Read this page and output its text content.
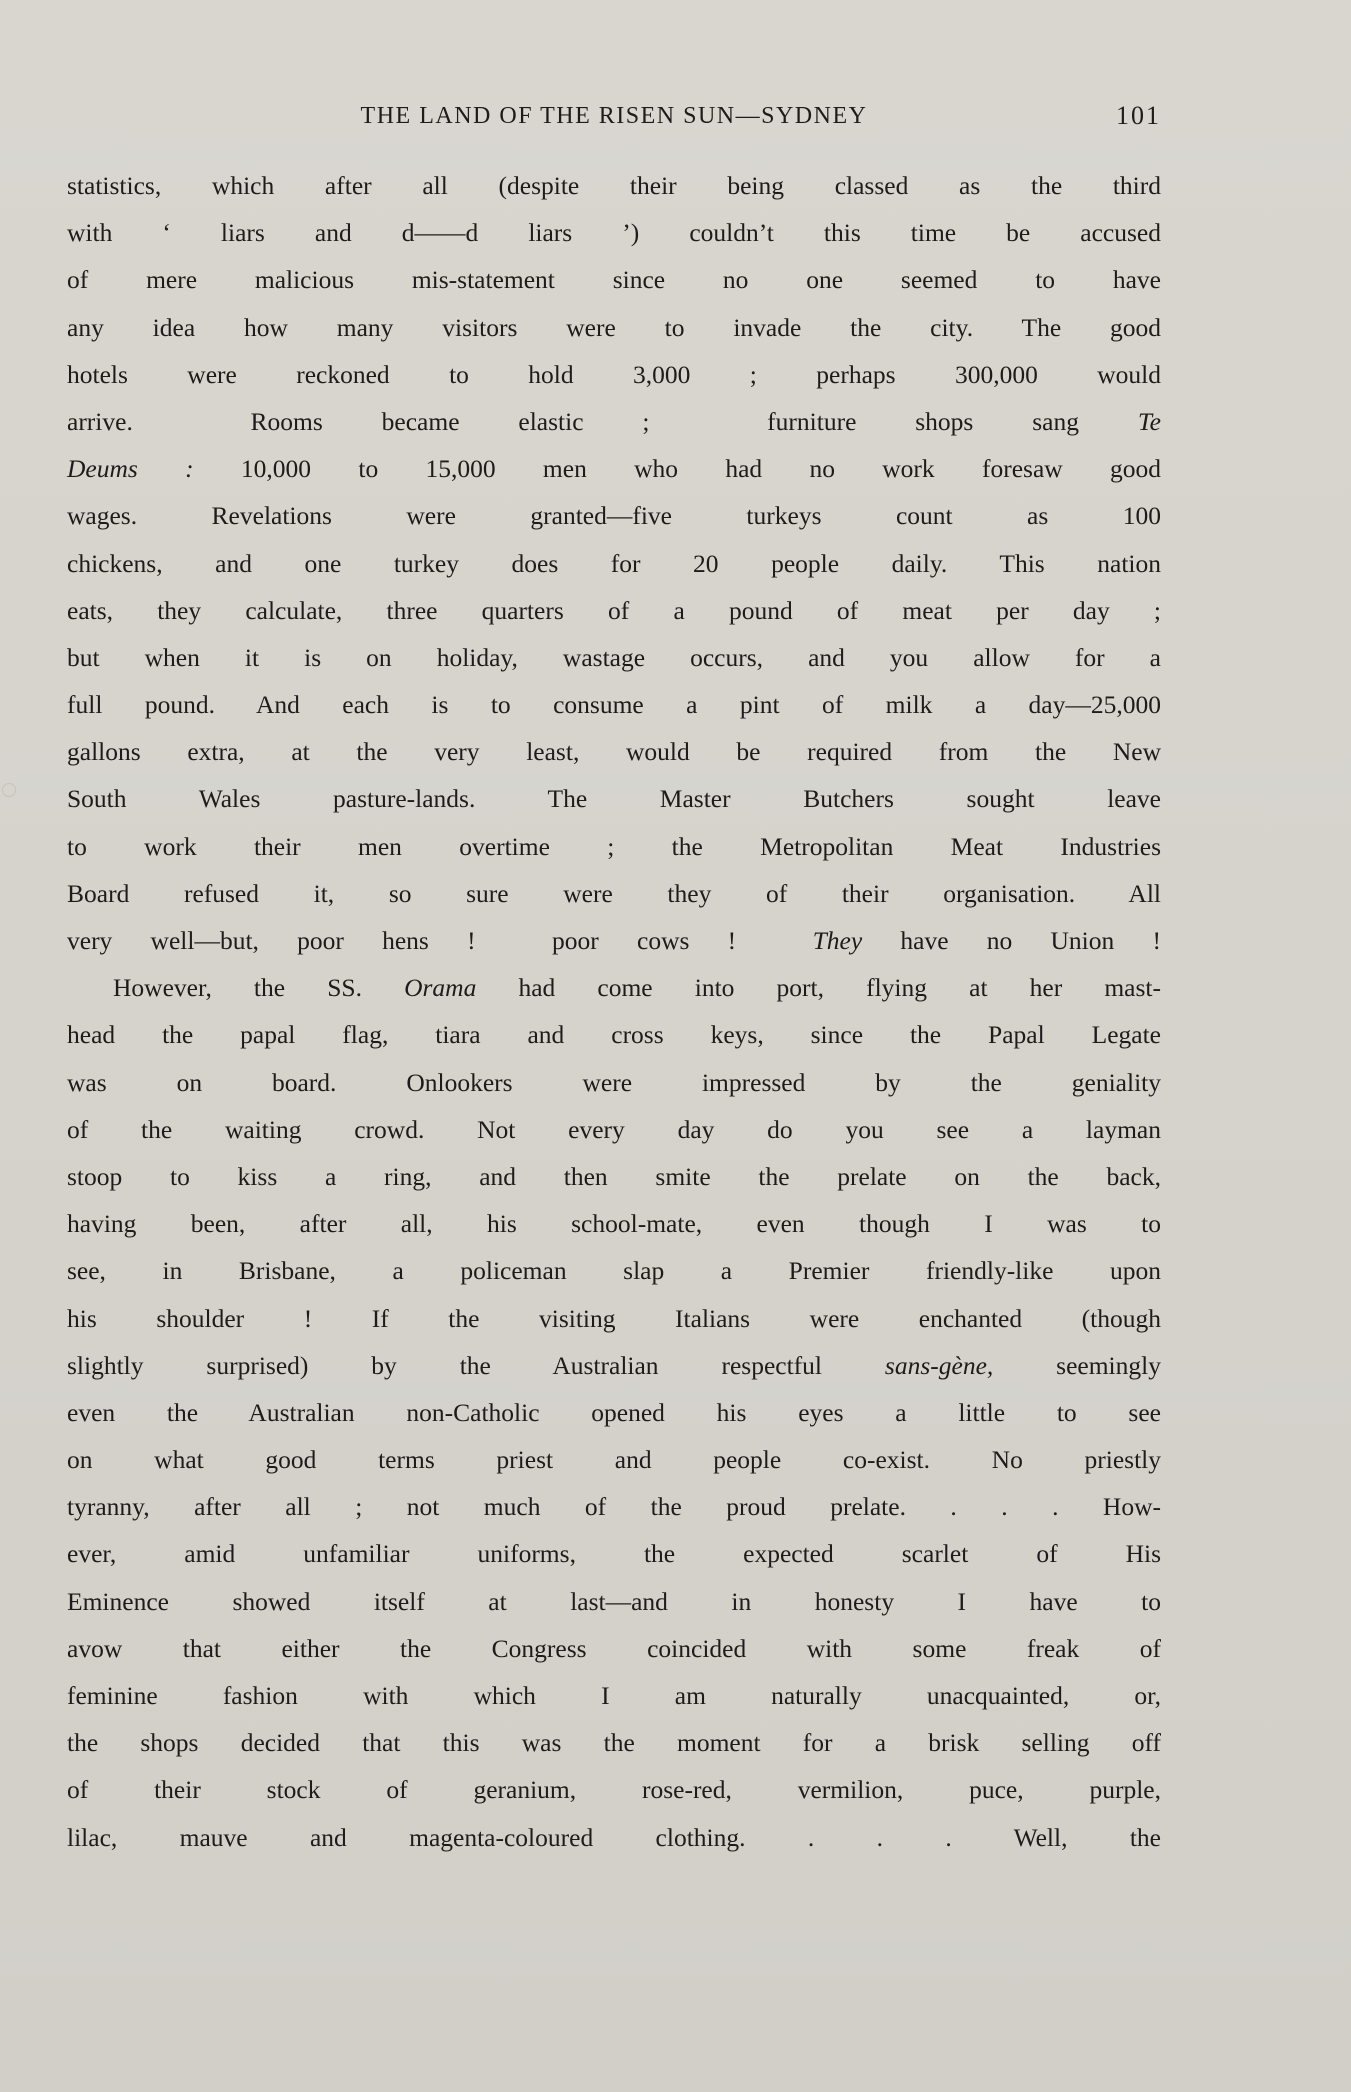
THE LAND OF THE RISEN SUN—SYDNEY	101
statistics, which after all (despite their being classed as the third
with ‘ liars and d——d liars ’) couldn’t this time be accused
of mere malicious mis-statement since no one seemed to have
any idea how many visitors were to invade the city. The good
hotels were reckoned to hold 3,000 ; perhaps 300,000 would
arrive.  Rooms became elastic ;  furniture shops sang Te
Deums : 10,000 to 15,000 men who had no work foresaw good
wages. Revelations were granted—five turkeys count as 100
chickens, and one turkey does for 20 people daily. This nation
eats, they calculate, three quarters of a pound of meat per day ;
but when it is on holiday, wastage occurs, and you allow for a
full pound. And each is to consume a pint of milk a day—25,000
gallons extra, at the very least, would be required from the New
South Wales pasture-lands. The Master Butchers sought leave
to work their men overtime ; the Metropolitan Meat Industries
Board refused it, so sure were they of their organisation. All
very well—but, poor hens !  poor cows !  They have no Union !
However, the SS. Orama had come into port, flying at her mast-
head the papal flag, tiara and cross keys, since the Papal Legate
was on board. Onlookers were impressed by the geniality
of the waiting crowd. Not every day do you see a layman
stoop to kiss a ring, and then smite the prelate on the back,
having been, after all, his school-mate, even though I was to
see, in Brisbane, a policeman slap a Premier friendly-like upon
his shoulder ! If the visiting Italians were enchanted (though
slightly surprised) by the Australian respectful sans-gène, seemingly
even the Australian non-Catholic opened his eyes a little to see
on what good terms priest and people co-exist. No priestly
tyranny, after all ; not much of the proud prelate. . . . How-
ever, amid unfamiliar uniforms, the expected scarlet of His
Eminence showed itself at last—and in honesty I have to
avow that either the Congress coincided with some freak of
feminine fashion with which I am naturally unacquainted, or,
the shops decided that this was the moment for a brisk selling off
of their stock of geranium, rose-red, vermilion, puce, purple,
lilac, mauve and magenta-coloured clothing. . . . Well, the
